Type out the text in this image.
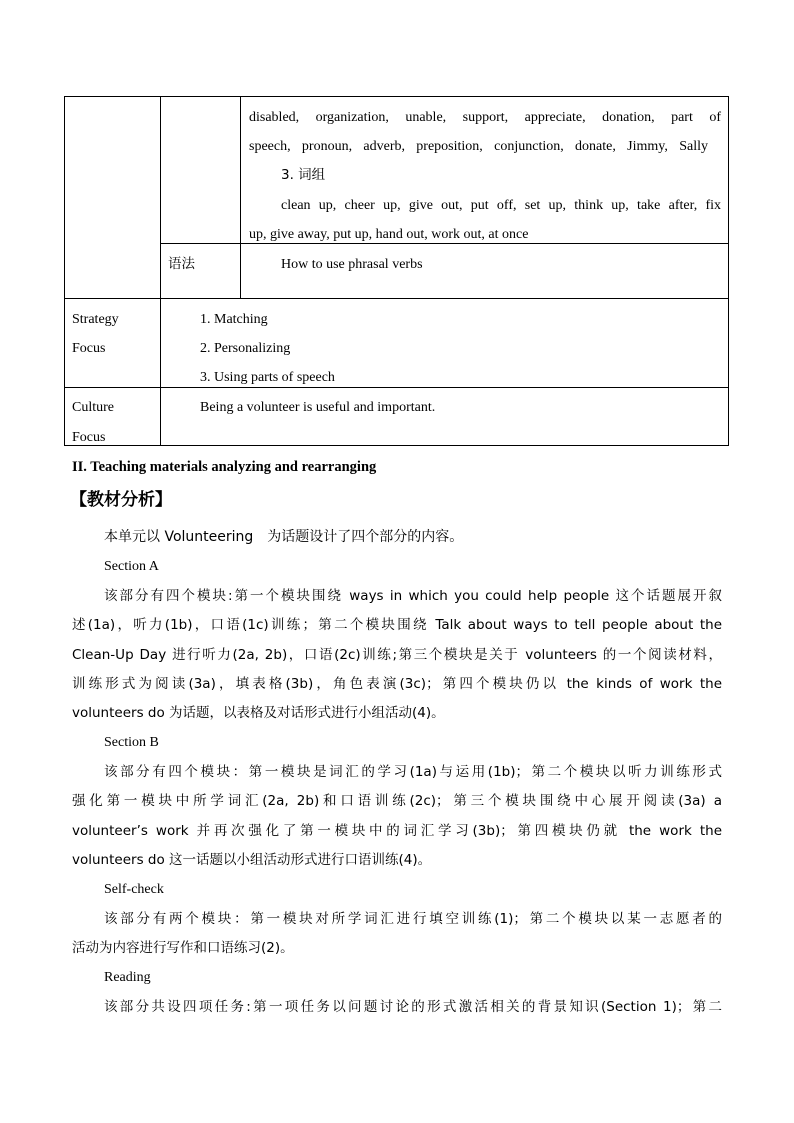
disabled, organization, unable, support, appreciate, donation, part of
speech, pronoun, adverb, preposition, conjunction, donate, Jimmy, Sally
3. 词组
clean up, cheer up, give out, put off, set up, think up, take after, fix
up, give away, put up, hand out, work out, at once
语法	How to use phrasal verbs
Strategy
Focus
1. Matching
2. Personalizing
3. Using parts of speech
Culture
Focus
Being a volunteer is useful and important.
II. Teaching materials analyzing and rearranging
【教材分析】
本单元以 Volunteering　为话题设计了四个部分的内容。
Section A
该部分有四个模块:第一个模块围绕 ways in which you could help people 这个话题展开叙
述(1a)，听力(1b)，口语(1c)训练；第二个模块围绕 Talk about ways to tell people about the
Clean-Up Day 进行听力(2a, 2b)，口语(2c)训练;第三个模块是关于 volunteers 的一个阅读材料，
训练形式为阅读(3a)，填表格(3b)，角色表演(3c)；第四个模块仍以 the kinds of work the
volunteers do 为话题，以表格及对话形式进行小组活动(4)。
Section B
该部分有四个模块：第一模块是词汇的学习(1a)与运用(1b)；第二个模块以听力训练形式
强化第一模块中所学词汇(2a, 2b)和口语训练(2c)；第三个模块围绕中心展开阅读(3a) a
volunteer’s work 并再次强化了第一模块中的词汇学习(3b)；第四模块仍就 the work the
volunteers do 这一话题以小组活动形式进行口语训练(4)。
Self-check
该部分有两个模块：第一模块对所学词汇进行填空训练(1)；第二个模块以某一志愿者的
活动为内容进行写作和口语练习(2)。
Reading
该部分共设四项任务:第一项任务以问题讨论的形式激活相关的背景知识(Section 1)；第二
